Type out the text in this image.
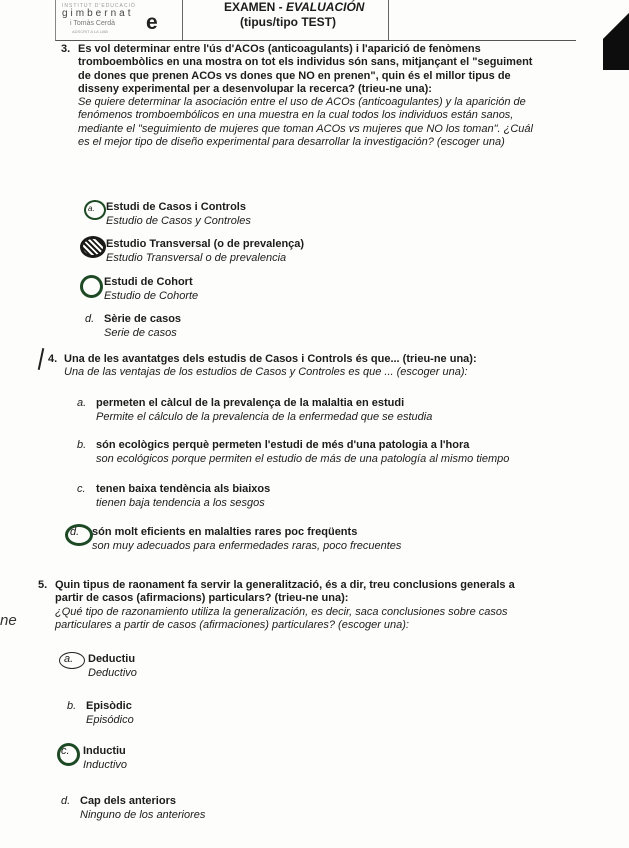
INSTITUT D'EDUCACIÓ
gimbernat
i Tomàs Cerdà e
ADSCRIT A LA UAB
EXAMEN - EVALUACIÓN
(tipus/tipo TEST)
3. Es vol determinar entre l'ús d'ACOs (anticoagulants) i l'aparició de fenòmens tromboembòlics en una mostra on tot els individus són sans, mitjançant el "seguiment de dones que prenen ACOs vs dones que NO en prenen", quin és el millor tipus de disseny experimental per a desenvolupar la recerca? (trieu-ne una):
Se quiere determinar la asociación entre el uso de ACOs (anticoagulantes) y la aparición de fenómenos tromboembólicos en una muestra en la cual todos los individuos están sanos, mediante el "seguimiento de mujeres que toman ACOs vs mujeres que NO los toman". ¿Cuál es el mejor tipo de diseño experimental para desarrollar la investigación? (escoger una)
a. Estudi de Casos i Controls
Estudio de Casos y Controles
Estudio Transversal (o de prevalença)
Estudio Transversal o de prevalencia
Estudi de Cohort
Estudio de Cohorte
d. Sèrie de casos
Serie de casos
4. Una de les avantatges dels estudis de Casos i Controls és que... (trieu-ne una):
Una de las ventajas de los estudios de Casos y Controles es que ... (escoger una):
a. permeten el càlcul de la prevalença de la malaltia en estudi
Permite el cálculo de la prevalencia de la enfermedad que se estudia
b. són ecològics perquè permeten l'estudi de més d'una patologia a l'hora
son ecológicos porque permiten el estudio de más de una patología al mismo tiempo
c. tenen baixa tendència als biaixos
tienen baja tendencia a los sesgos
d. són molt eficients en malalties rares poc freqüents
son muy adecuados para enfermedades raras, poco frecuentes
5. Quin tipus de raonament fa servir la generalització, és a dir, treu conclusions generals a partir de casos (afirmacions) particulars? (trieu-ne una):
¿Qué tipo de razonamiento utiliza la generalización, es decir, saca conclusiones sobre casos particulares a partir de casos (afirmaciones) particulares? (escoger una):
ne
a. Deductiu
Deductivo
b. Episòdic
Episódico
c. Inductiu
Inductivo
d. Cap dels anteriors
Ninguno de los anteriores
